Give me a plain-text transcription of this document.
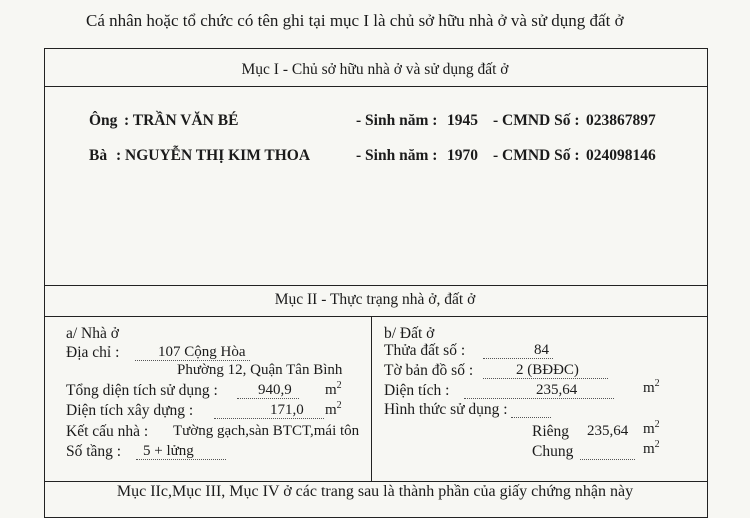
Cá nhân hoặc tổ chức có tên ghi tại mục I là chủ sở hữu nhà ở và sử dụng đất ở
Mục I - Chủ sở hữu nhà ở và sử dụng đất ở
Ông : TRẦN VĂN BÉ	- Sinh năm : 1945 - CMND Số : 023867897
Bà : NGUYỄN THỊ KIM THOA	- Sinh năm : 1970 - CMND Số : 024098146
Mục II - Thực trạng nhà ở, đất ở
a/ Nhà ở
Địa chỉ :	107 Cộng Hòa
Phường 12, Quận Tân Bình
Tổng diện tích sử dụng :	940,9 $m^2$
Diện tích xây dựng :	171,0 $m^2$
Kết cấu nhà : Tường gạch,sàn BTCT,mái tôn
Số tầng : 5 + lửng
b/ Đất ở
Thửa đất số :	84
Tờ bản đồ số :	2 (BĐĐC)
Diện tích :	235,64	$m^2$
Hình thức sử dụng :
Riêng 235,64 $m^2$
Chung	$m^2$
Mục IIc,Mục III, Mục IV ở các trang sau là thành phần của giấy chứng nhận này
